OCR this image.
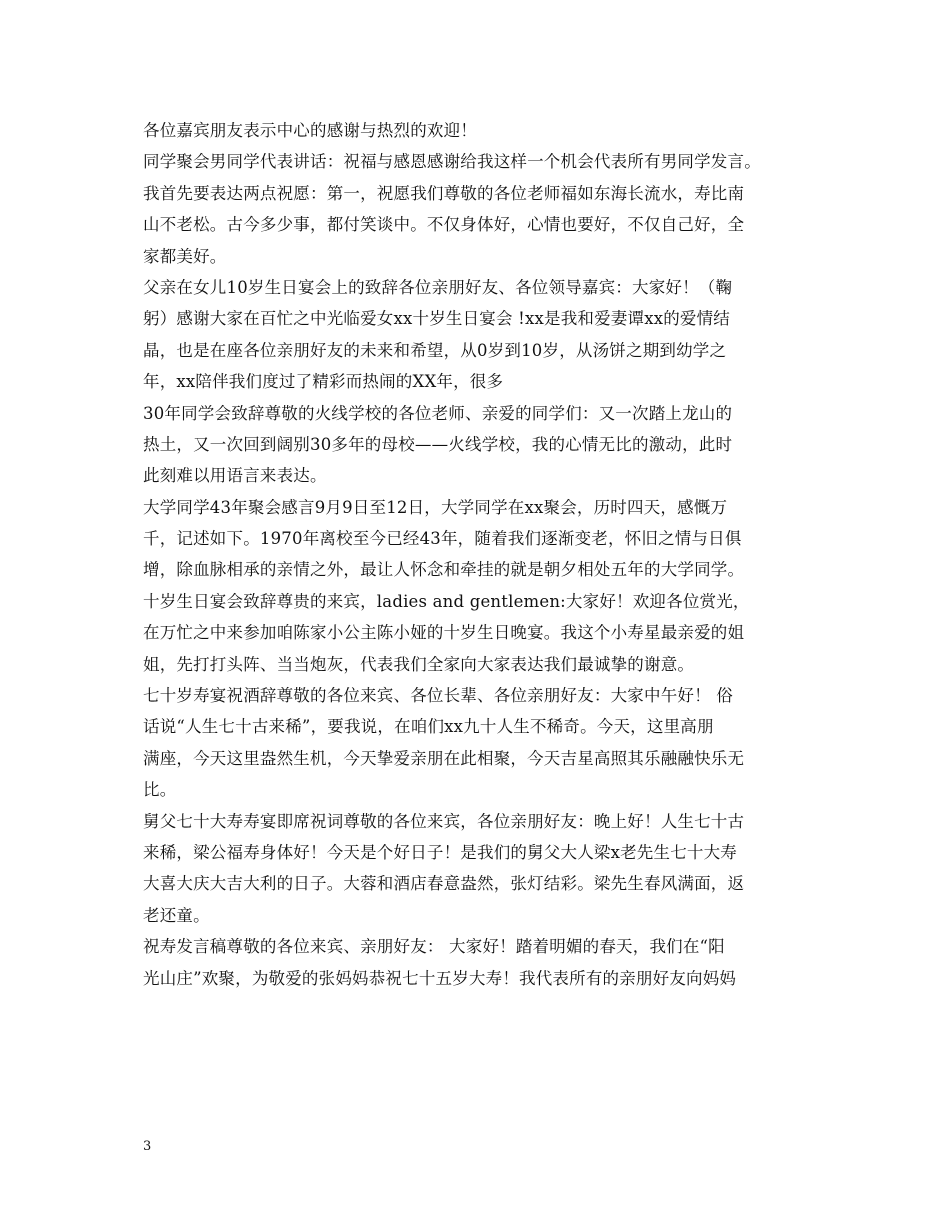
各位嘉宾朋友表示中心的感谢与热烈的欢迎！
同学聚会男同学代表讲话：祝福与感恩感谢给我这样一个机会代表所有男同学发言。
我首先要表达两点祝愿：第一，祝愿我们尊敬的各位老师福如东海长流水，寿比南
山不老松。古今多少事，都付笑谈中。不仅身体好，心情也要好，不仅自己好，全
家都美好。
父亲在女儿10岁生日宴会上的致辞各位亲朋好友、各位领导嘉宾：大家好！（鞠
躬）感谢大家在百忙之中光临爱女xx十岁生日宴会 !xx是我和爱妻谭xx的爱情结
晶，也是在座各位亲朋好友的未来和希望，从0岁到10岁，从汤饼之期到幼学之
年，xx陪伴我们度过了精彩而热闹的XX年，很多
30年同学会致辞尊敬的火线学校的各位老师、亲爱的同学们：又一次踏上龙山的
热土，又一次回到阔别30多年的母校——火线学校，我的心情无比的激动，此时
此刻难以用语言来表达。
大学同学43年聚会感言9月9日至12日，大学同学在xx聚会，历时四天，感慨万
千，记述如下。1970年离校至今已经43年，随着我们逐渐变老，怀旧之情与日俱
增，除血脉相承的亲情之外，最让人怀念和牵挂的就是朝夕相处五年的大学同学。
十岁生日宴会致辞尊贵的来宾，ladies and gentlemen:大家好！欢迎各位赏光，
在万忙之中来参加咱陈家小公主陈小娅的十岁生日晚宴。我这个小寿星最亲爱的姐
姐，先打打头阵、当当炮灰，代表我们全家向大家表达我们最诚挚的谢意。
七十岁寿宴祝酒辞尊敬的各位来宾、各位长辈、各位亲朋好友：大家中午好！ 俗
话说“人生七十古来稀”，要我说，在咱们xx九十人生不稀奇。今天，这里高朋
满座，今天这里盎然生机，今天挚爱亲朋在此相聚，今天吉星高照其乐融融快乐无
比。
舅父七十大寿寿宴即席祝词尊敬的各位来宾，各位亲朋好友：晚上好！人生七十古
来稀，梁公福寿身体好！今天是个好日子！是我们的舅父大人梁x老先生七十大寿
大喜大庆大吉大利的日子。大蓉和酒店春意盎然，张灯结彩。梁先生春风满面，返
老还童。
祝寿发言稿尊敬的各位来宾、亲朋好友： 大家好！踏着明媚的春天，我们在“阳
光山庄”欢聚，为敬爱的张妈妈恭祝七十五岁大寿！我代表所有的亲朋好友向妈妈
3
